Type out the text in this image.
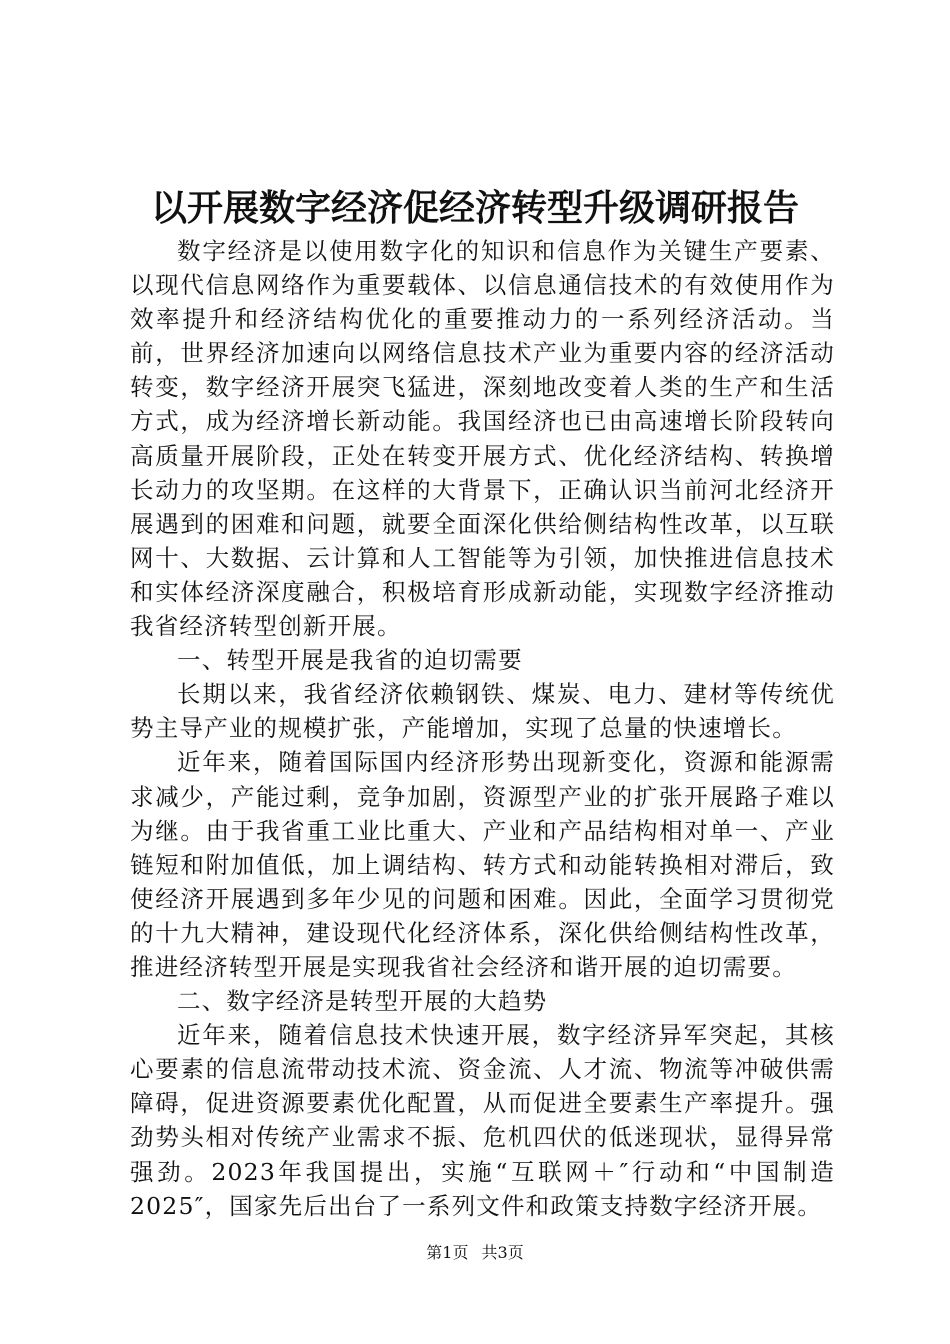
以开展数字经济促经济转型升级调研报告

数字经济是以使用数字化的知识和信息作为关键生产要素、以现代信息网络作为重要载体、以信息通信技术的有效使用作为效率提升和经济结构优化的重要推动力的一系列经济活动。当前，世界经济加速向以网络信息技术产业为重要内容的经济活动转变，数字经济开展突飞猛进，深刻地改变着人类的生产和生活方式，成为经济增长新动能。我国经济也已由高速增长阶段转向高质量开展阶段，正处在转变开展方式、优化经济结构、转换增长动力的攻坚期。在这样的大背景下，正确认识当前河北经济开展遇到的困难和问题，就要全面深化供给侧结构性改革，以互联网十、大数据、云计算和人工智能等为引领，加快推进信息技术和实体经济深度融合，积极培育形成新动能，实现数字经济推动我省经济转型创新开展。

一、转型开展是我省的迫切需要

长期以来，我省经济依赖钢铁、煤炭、电力、建材等传统优势主导产业的规模扩张，产能增加，实现了总量的快速增长。

近年来，随着国际国内经济形势出现新变化，资源和能源需求减少，产能过剩，竞争加剧，资源型产业的扩张开展路子难以为继。由于我省重工业比重大、产业和产品结构相对单一、产业链短和附加值低，加上调结构、转方式和动能转换相对滞后，致使经济开展遇到多年少见的问题和困难。因此，全面学习贯彻党的十九大精神，建设现代化经济体系，深化供给侧结构性改革，推进经济转型开展是实现我省社会经济和谐开展的迫切需要。

二、数字经济是转型开展的大趋势

近年来，随着信息技术快速开展，数字经济异军突起，其核心要素的信息流带动技术流、资金流、人才流、物流等冲破供需障碍，促进资源要素优化配置，从而促进全要素生产率提升。强劲势头相对传统产业需求不振、危机四伏的低迷现状，显得异常强劲。2023年我国提出，实施“互联网＋″行动和“中国制造2025″，国家先后出台了一系列文件和政策支持数字经济开展。

第1页 共3页
